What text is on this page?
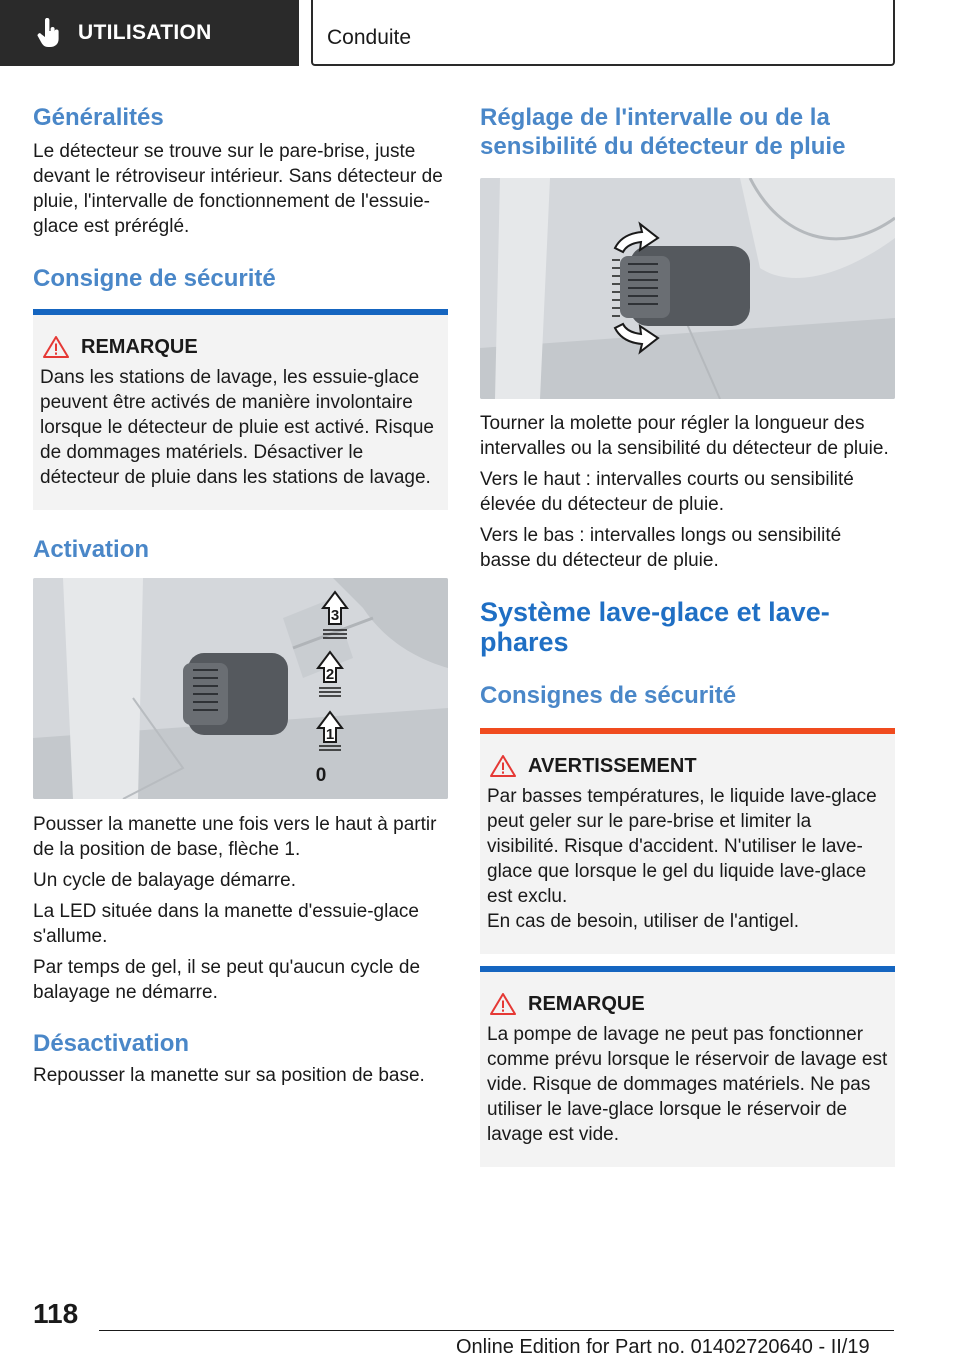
UTILISATION	Conduite
Généralités

Le détecteur se trouve sur le pare-brise, juste devant le rétroviseur intérieur. Sans détecteur de pluie, l'intervalle de fonctionnement de l'essuie-glace est préréglé.

Consigne de sécurité
REMARQUE

Dans les stations de lavage, les essuie-glace peuvent être activés de manière involontaire lorsque le détecteur de pluie est activé. Risque de dommages matériels. Désactiver le détecteur de pluie dans les stations de lavage.

Activation
3
2
1
0

Pousser la manette une fois vers le haut à partir de la position de base, flèche 1.

Un cycle de balayage démarre.

La LED située dans la manette d'essuie-glace s'allume.

Par temps de gel, il se peut qu'aucun cycle de balayage ne démarre.

Désactivation

Repousser la manette sur sa position de base.

Réglage de l'intervalle ou de la sensibilité du détecteur de pluie

Tourner la molette pour régler la longueur des intervalles ou la sensibilité du détecteur de pluie.

Vers le haut : intervalles courts ou sensibilité élevée du détecteur de pluie.

Vers le bas : intervalles longs ou sensibilité basse du détecteur de pluie.

Système lave-glace et lave-phares
Consignes de sécurité
AVERTISSEMENT

Par basses températures, le liquide lave-glace peut geler sur le pare-brise et limiter la visibilité. Risque d'accident. N'utiliser le lave-glace que lorsque le gel du liquide lave-glace est exclu.

En cas de besoin, utiliser de l'antigel.

REMARQUE

La pompe de lavage ne peut pas fonctionner comme prévu lorsque le réservoir de lavage est vide. Risque de dommages matériels. Ne pas utiliser le lave-glace lorsque le réservoir de lavage est vide.

118
Online Edition for Part no. 01402720640 - II/19
